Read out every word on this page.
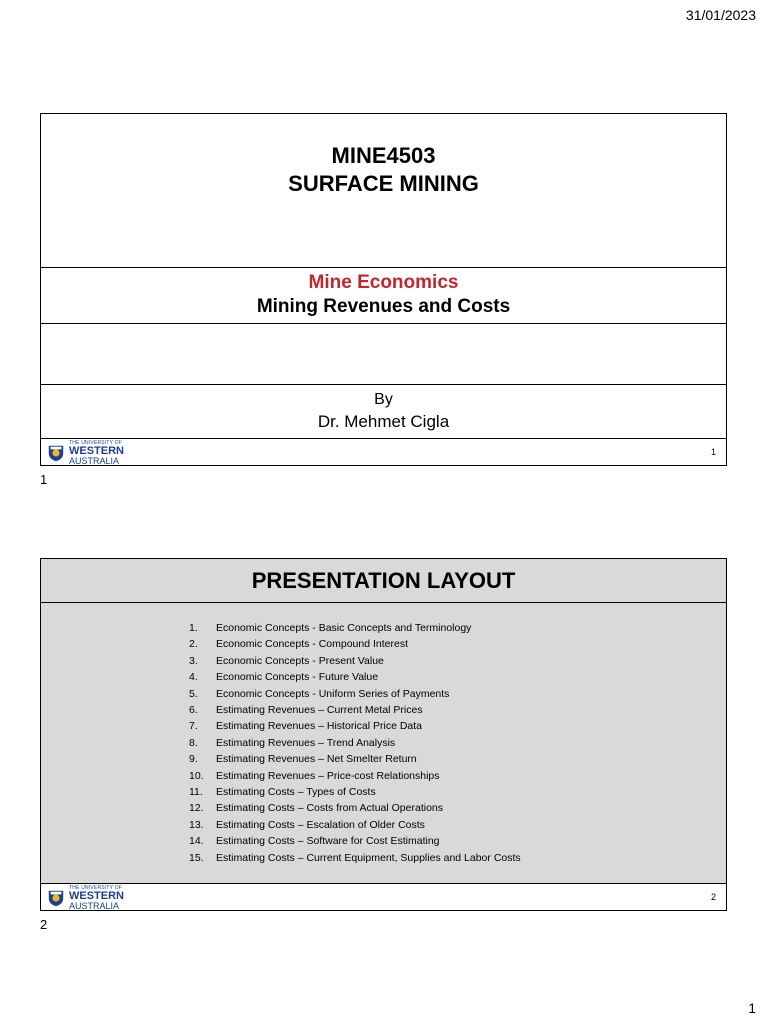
31/01/2023
MINE4503
SURFACE MINING
Mine Economics
Mining Revenues and Costs
By
Dr. Mehmet Cigla
THE UNIVERSITY OF
WESTERN
AUSTRALIA
1
1
PRESENTATION LAYOUT
1.	Economic Concepts - Basic Concepts and Terminology
2.	Economic Concepts - Compound Interest
3.	Economic Concepts - Present Value
4.	Economic Concepts - Future Value
5.	Economic Concepts - Uniform Series of Payments
6.	Estimating Revenues – Current Metal Prices
7.	Estimating Revenues – Historical Price Data
8.	Estimating Revenues – Trend Analysis
9.	Estimating Revenues – Net Smelter Return
10.	Estimating Revenues – Price-cost Relationships
11.	Estimating Costs – Types of Costs
12.	Estimating Costs – Costs from Actual Operations
13.	Estimating Costs – Escalation of Older Costs
14.	Estimating Costs – Software for Cost Estimating
15.	Estimating Costs – Current Equipment, Supplies and Labor Costs
THE UNIVERSITY OF
WESTERN
AUSTRALIA
2
2
1
